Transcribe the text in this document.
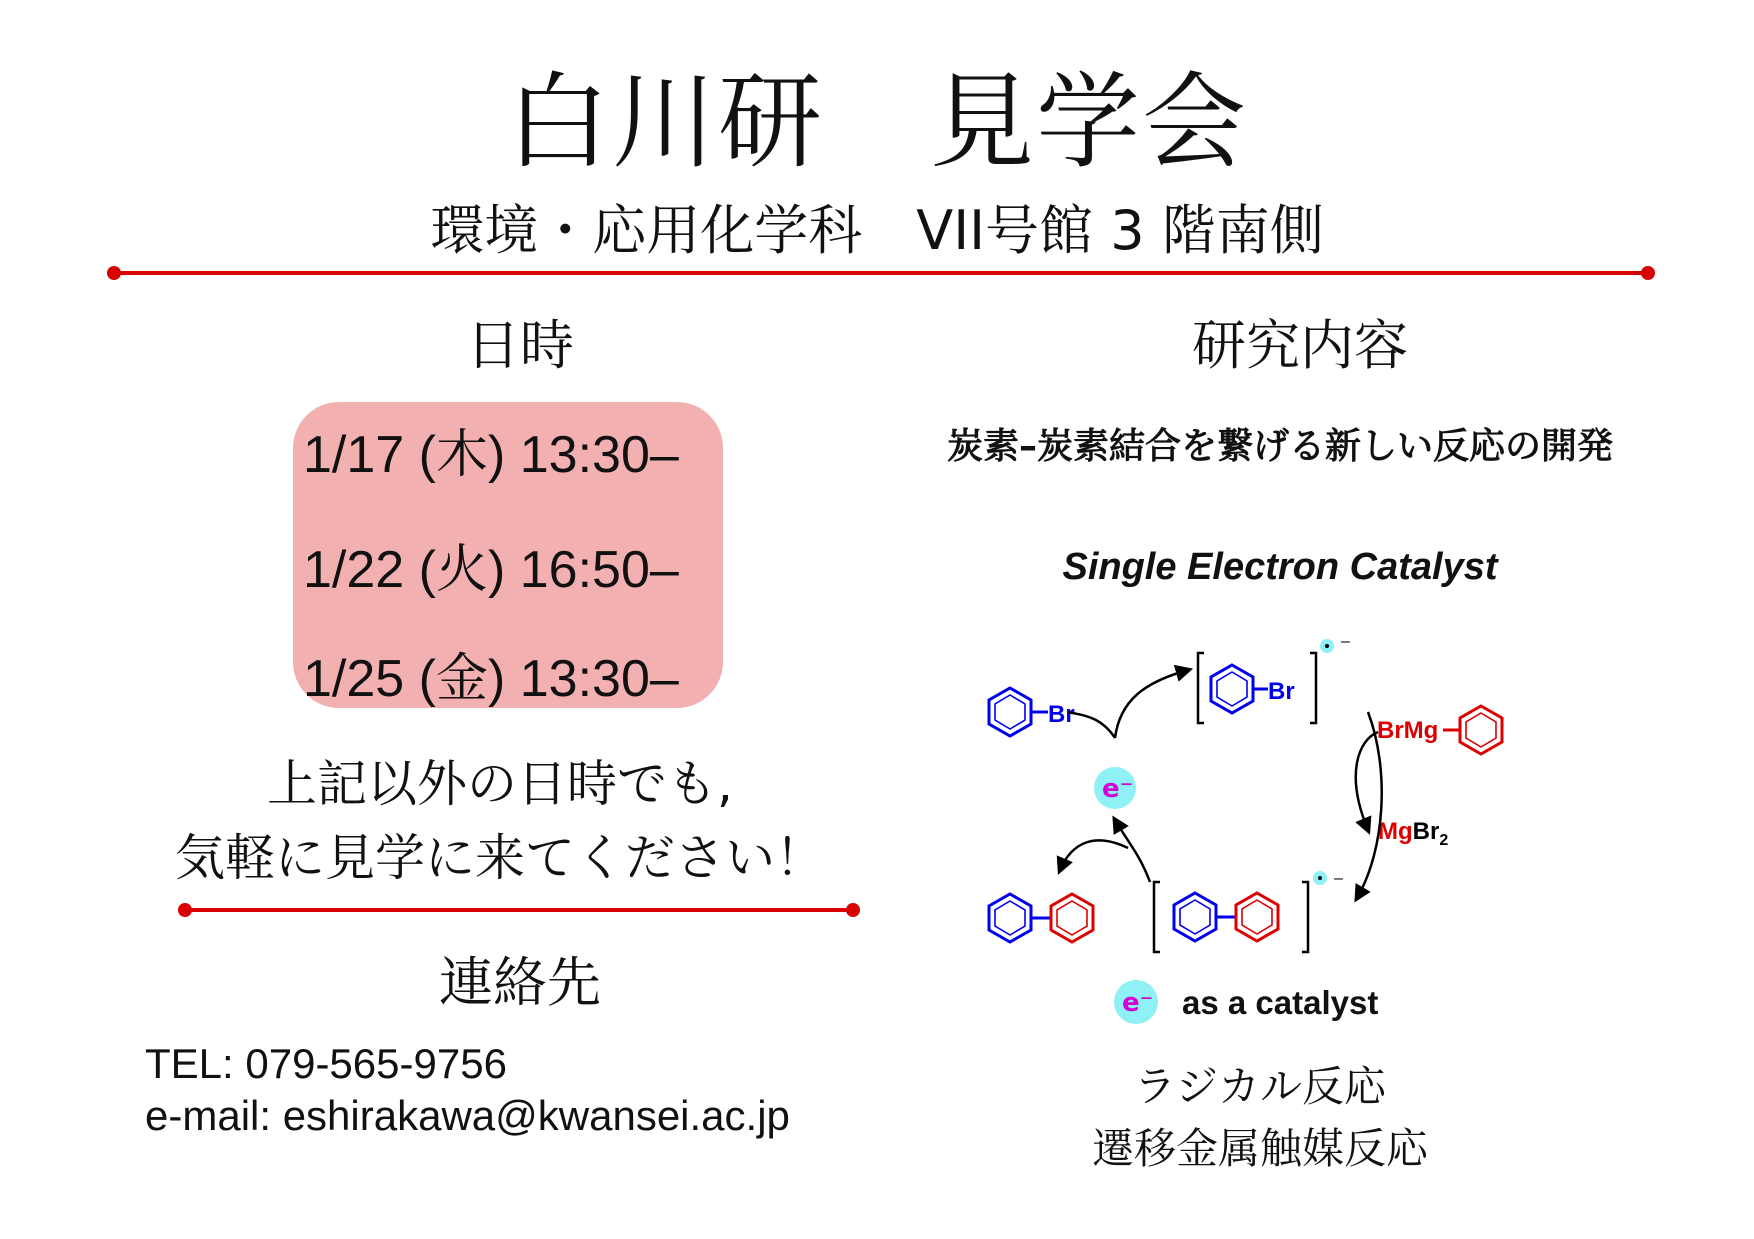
白川研　見学会
環境・応用化学科　VII号館 3 階南側
日時
1/17 (木) 13:30–
1/22 (火) 16:50–
1/25 (金) 13:30–
上記以外の日時でも,
気軽に見学に来てください！
連絡先
TEL: 079-565-9756
e-mail: eshirakawa@kwansei.ac.jp
研究内容
炭素–炭素結合を繋げる新しい反応の開発
Single Electron Catalyst
Br
Br
–
BrMg
MgBr$_2$
–
e⁻
e⁻ as a catalyst
ラジカル反応
遷移金属触媒反応
